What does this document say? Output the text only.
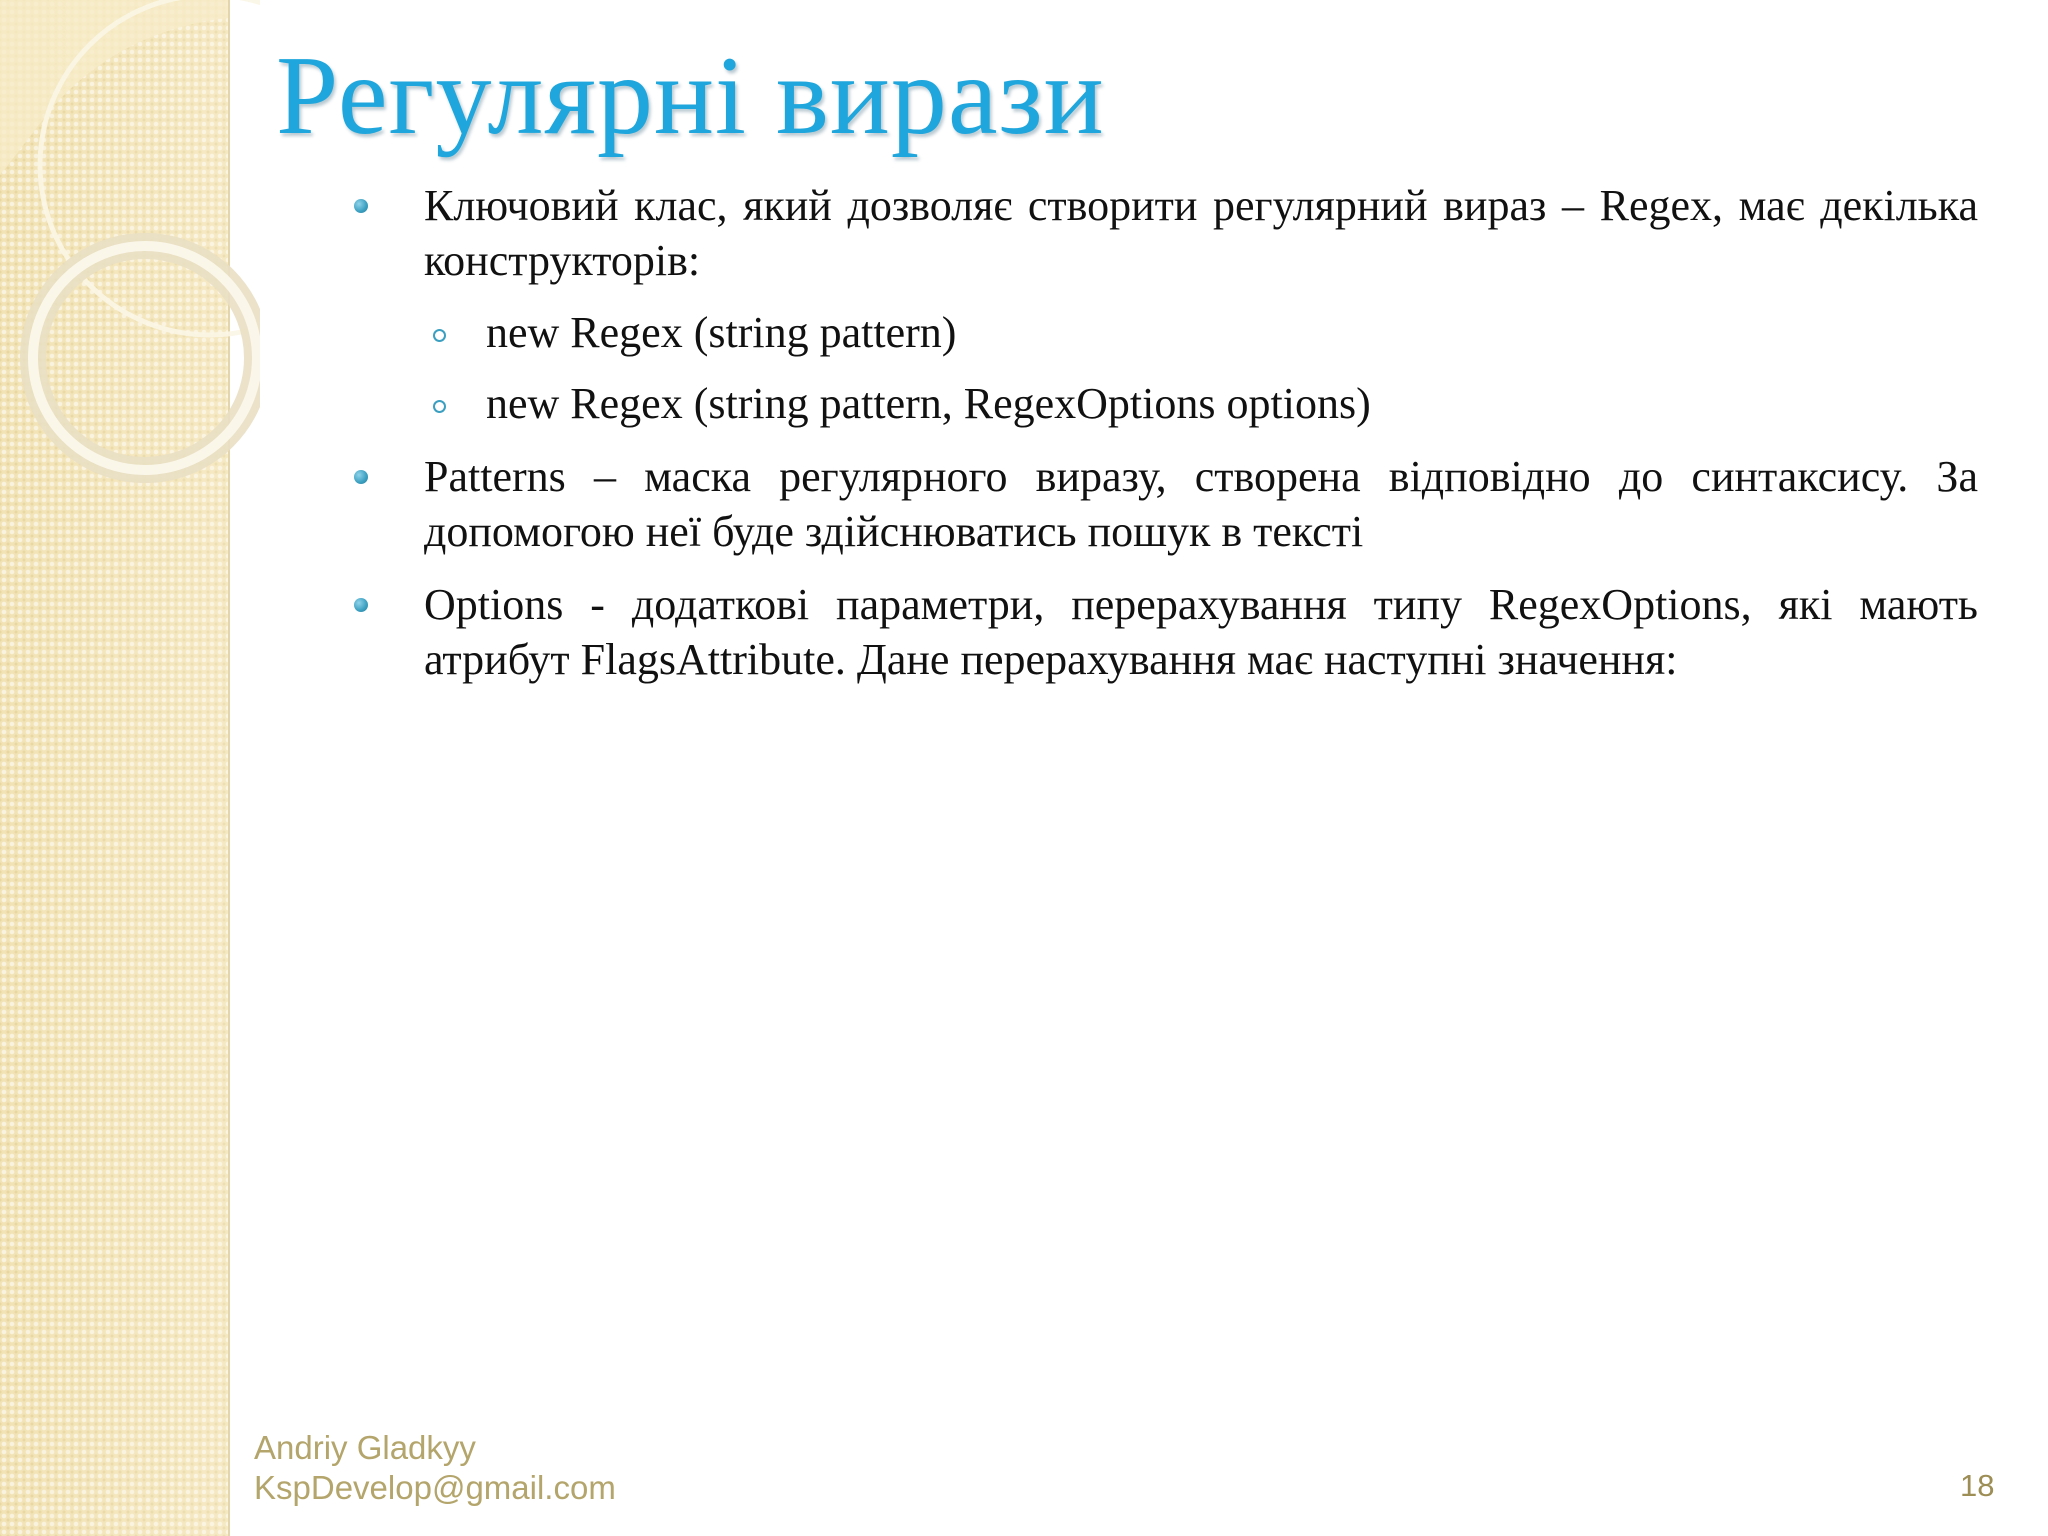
Регулярні вирази
Ключовий клас, який дозволяє створити регулярний вираз – Regex, має декілька конструкторів:
new Regex (string pattern)
new Regex (string pattern, RegexOptions options)
Patterns – маска регулярного виразу, створена відповідно до синтаксису. За допомогою неї буде здійснюватись пошук в тексті
Options - додаткові параметри, перерахування типу RegexOptions, які мають атрибут FlagsAttribute. Дане перерахування має наступні значення:
Andriy Gladkyy
KspDevelop@gmail.com	18
